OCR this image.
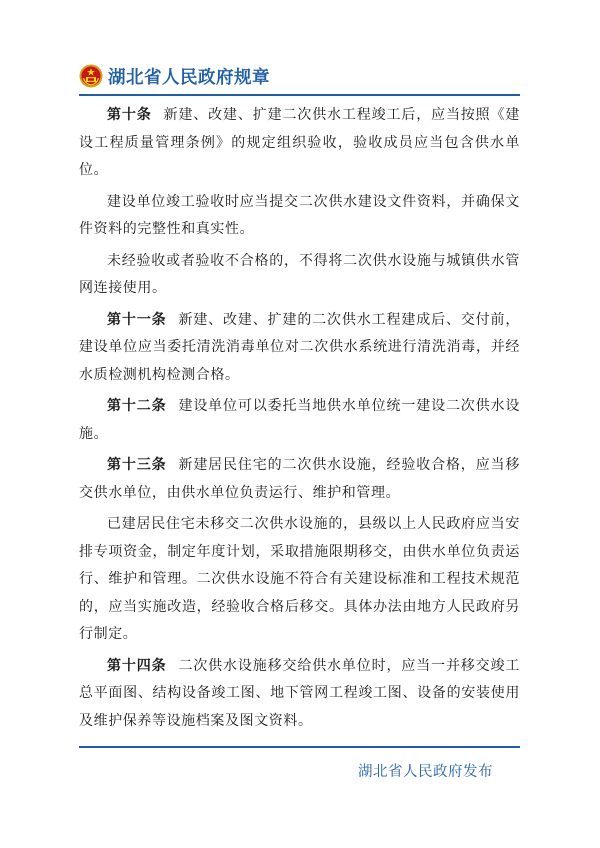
湖北省人民政府规章

第十条 新建、改建、扩建二次供水工程竣工后，应当按照《建设工程质量管理条例》的规定组织验收，验收成员应当包含供水单位。

建设单位竣工验收时应当提交二次供水建设文件资料，并确保文件资料的完整性和真实性。

未经验收或者验收不合格的，不得将二次供水设施与城镇供水管网连接使用。

第十一条 新建、改建、扩建的二次供水工程建成后、交付前，建设单位应当委托清洗消毒单位对二次供水系统进行清洗消毒，并经水质检测机构检测合格。

第十二条 建设单位可以委托当地供水单位统一建设二次供水设施。

第十三条 新建居民住宅的二次供水设施，经验收合格，应当移交供水单位，由供水单位负责运行、维护和管理。

已建居民住宅未移交二次供水设施的，县级以上人民政府应当安排专项资金，制定年度计划，采取措施限期移交，由供水单位负责运行、维护和管理。二次供水设施不符合有关建设标准和工程技术规范的，应当实施改造，经验收合格后移交。具体办法由地方人民政府另行制定。

第十四条 二次供水设施移交给供水单位时，应当一并移交竣工总平面图、结构设备竣工图、地下管网工程竣工图、设备的安装使用及维护保养等设施档案及图文资料。

湖北省人民政府发布
